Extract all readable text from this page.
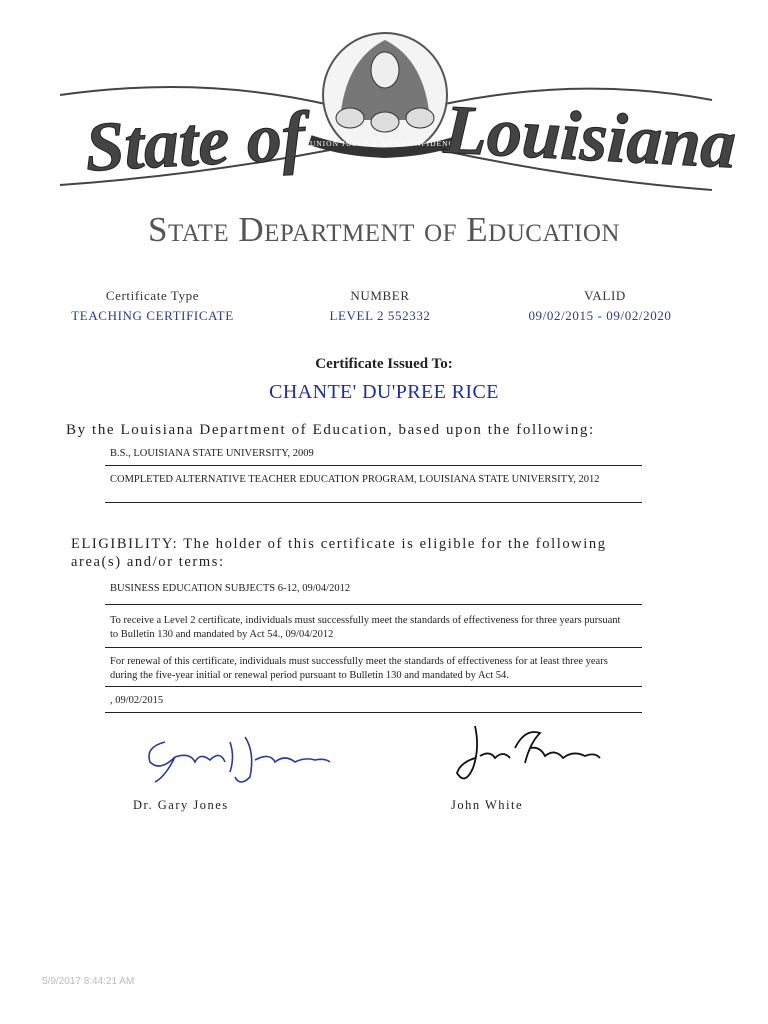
UNION JUSTICE AND CONFIDENCE
State of Louisiana
State Department of Education
Certificate Type
TEACHING CERTIFICATE
NUMBER
LEVEL 2 552332
VALID
09/02/2015 - 09/02/2020
Certificate Issued To:
CHANTE' DU'PREE RICE
By the Louisiana Department of Education, based upon the following:
B.S., LOUISIANA STATE UNIVERSITY, 2009
COMPLETED ALTERNATIVE TEACHER EDUCATION PROGRAM, LOUISIANA STATE UNIVERSITY, 2012
ELIGIBILITY: The holder of this certificate is eligible for the following area(s) and/or terms:
BUSINESS EDUCATION SUBJECTS 6-12, 09/04/2012
To receive a Level 2 certificate, individuals must successfully meet the standards of effectiveness for three years pursuant to Bulletin 130 and mandated by Act 54., 09/04/2012
For renewal of this certificate, individuals must successfully meet the standards of effectiveness for at least three years during the five-year initial or renewal period pursuant to Bulletin 130 and mandated by Act 54.
, 09/02/2015
Dr. Gary Jones	John White
5/9/2017 8:44:21 AM
